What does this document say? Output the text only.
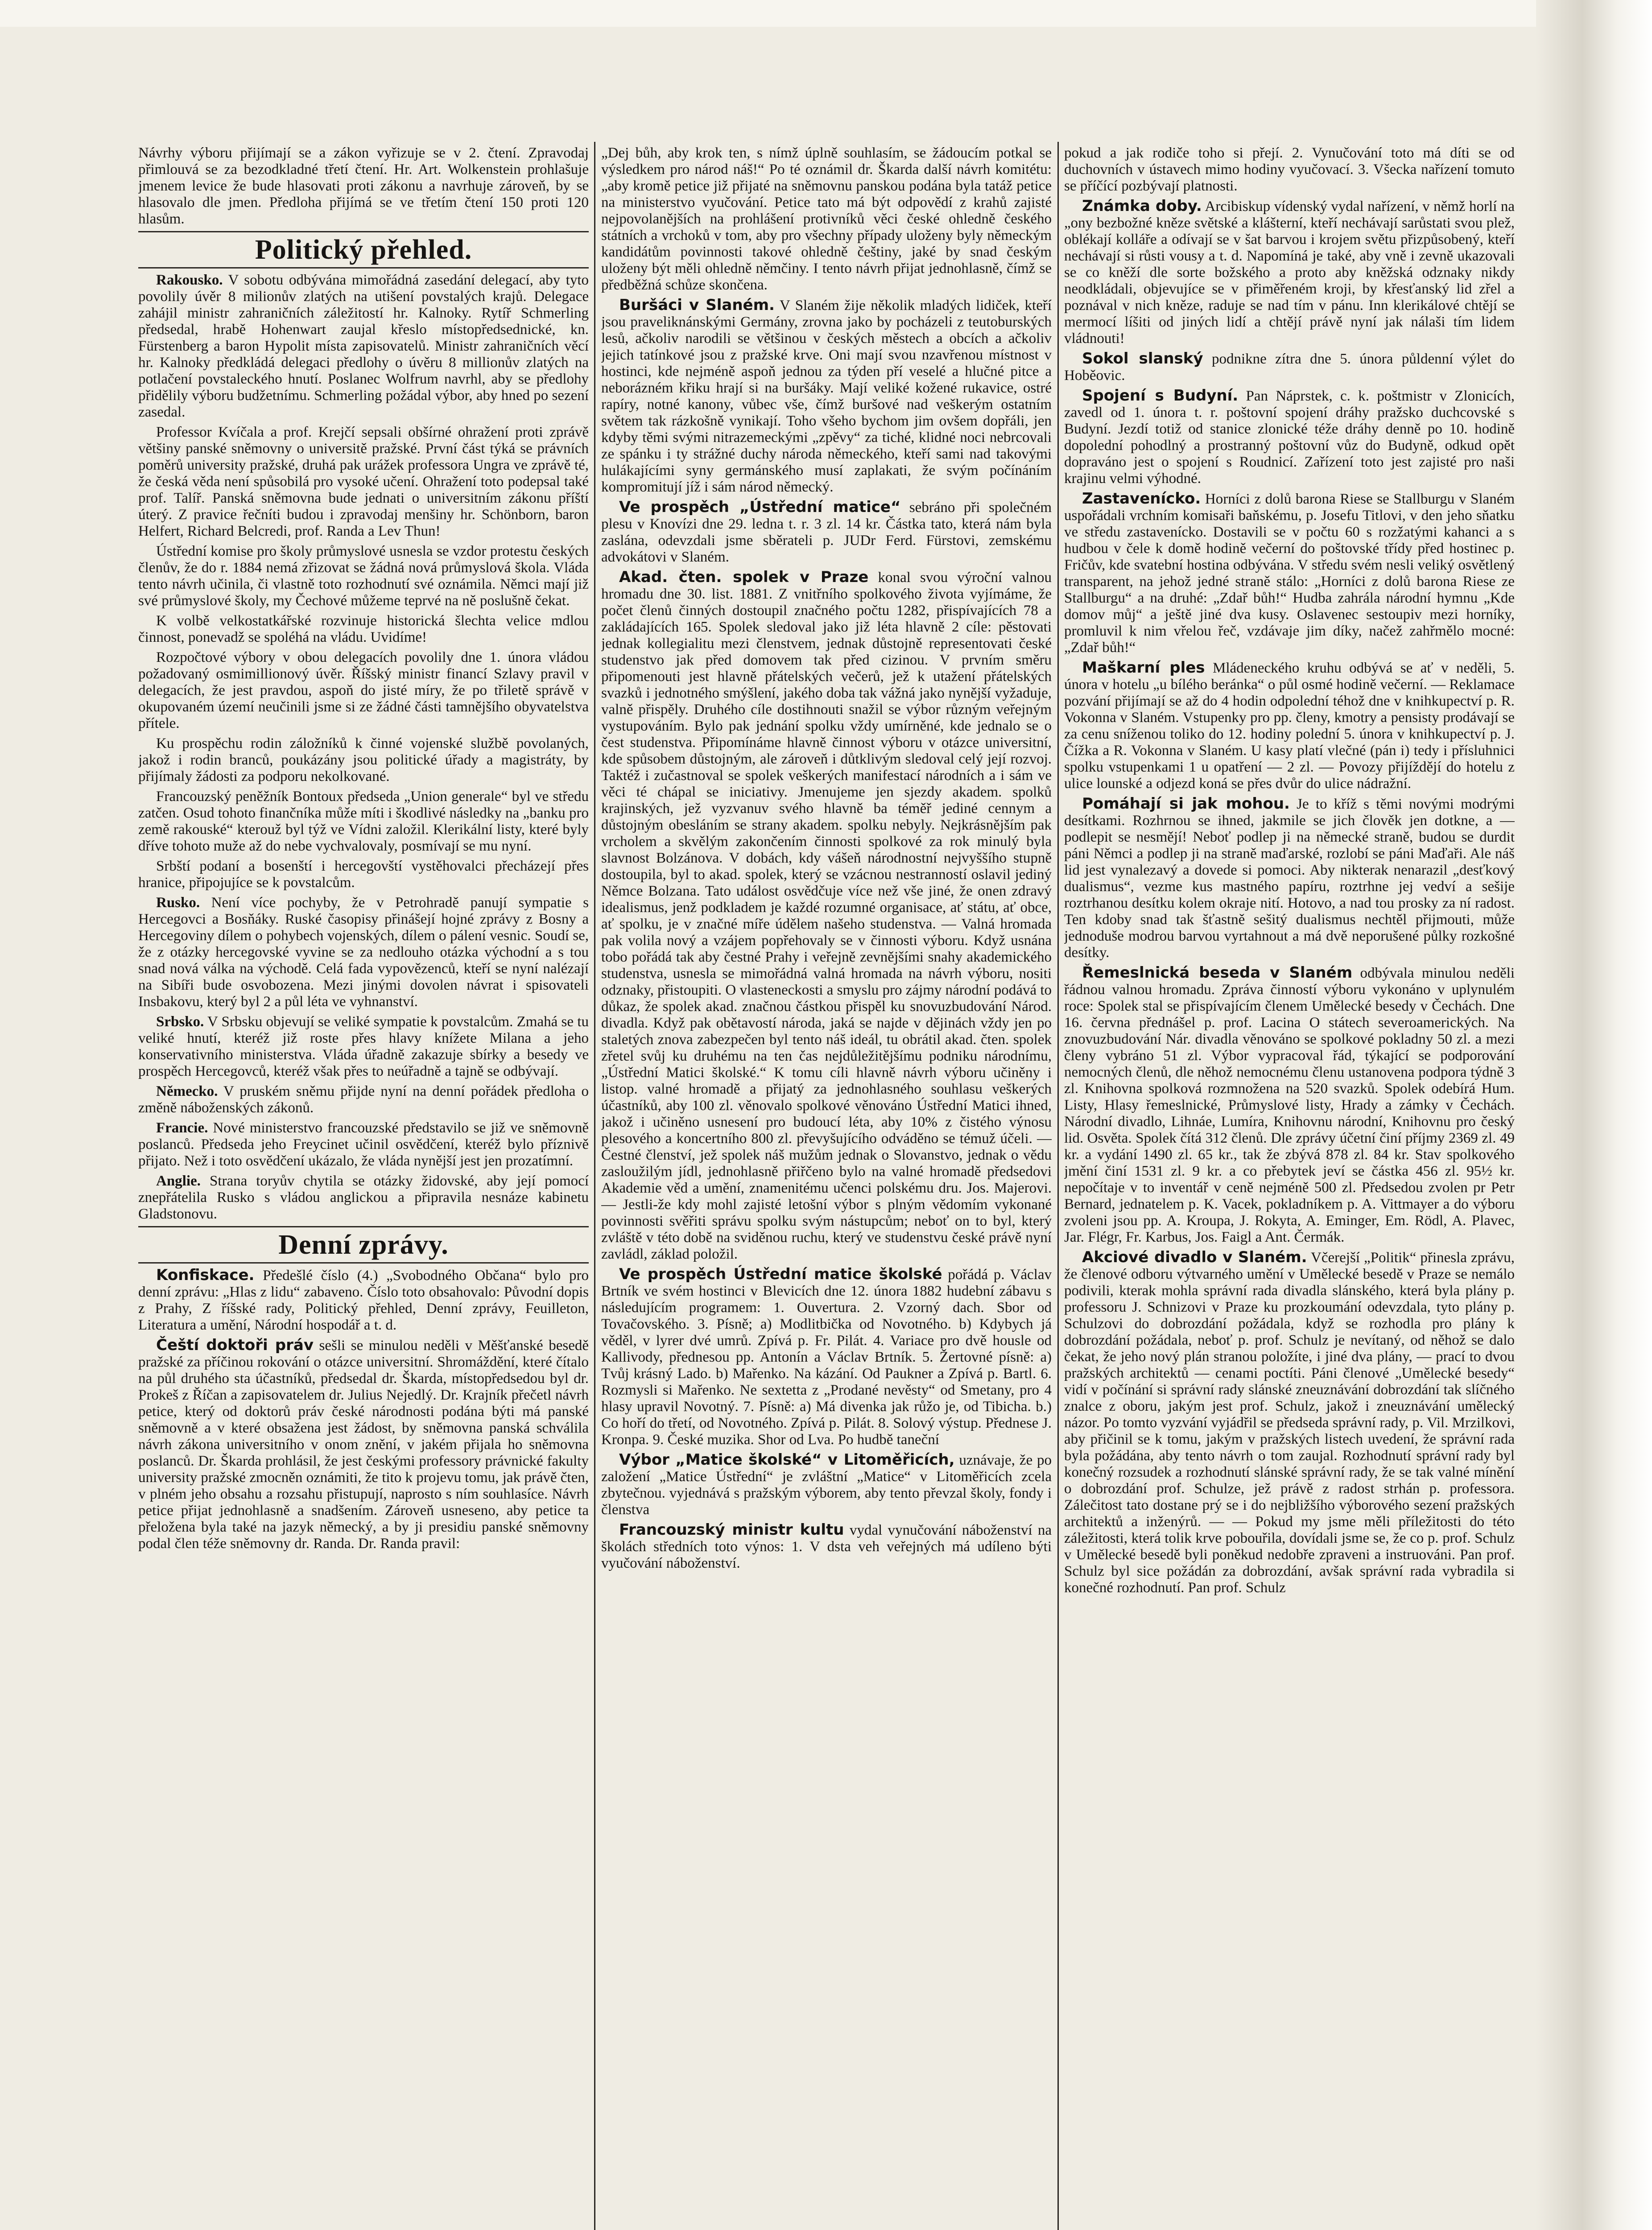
Návrhy výboru přijímají se a zákon vyřizuje se v 2. čtení. Zpravodaj přimlouvá se za bezodkladné třetí čtení. Hr. Art. Wolkenstein prohlašuje jmenem levice že bude hlasovati proti zákonu a navrhuje zároveň, by se hlasovalo dle jmen. Předloha přijímá se ve třetím čtení 150 proti 120 hlasům.

Politický přehled.

Rakousko. V sobotu odbývána mimořádná zasedání delegací, aby tyto povolily úvěr 8 milionův zlatých na utišení povstalých krajů. Delegace zahájil ministr zahraničních záležitostí hr. Kalnoky. Rytíř Schmerling předsedal, hrabě Hohenwart zaujal křeslo místopředsednické, kn. Fürstenberg a baron Hypolit místa zapisovatelů. Ministr zahraničních věcí hr. Kalnoky předkládá delegaci předlohy o úvěru 8 millionův zlatých na potlačení povstaleckého hnutí. Poslanec Wolfrum navrhl, aby se předlohy přidělily výboru budžetnímu. Schmerling požádal výbor, aby hned po sezení zasedal.

Professor Kvíčala a prof. Krejčí sepsali obšírné ohražení proti zprávě většiny panské sněmovny o universitě pražské. První část týká se právních poměrů university pražské, druhá pak urážek professora Ungra ve zprávě té, že česká věda není spůsobilá pro vysoké učení. Ohražení toto podepsal také prof. Talíř. Panská sněmovna bude jednati o universitním zákonu příští úterý. Z pravice řečníti budou i zpravodaj menšiny hr. Schönborn, baron Helfert, Richard Belcredi, prof. Randa a Lev Thun!

Ústřední komise pro školy průmyslové usnesla se vzdor protestu českých členův, že do r. 1884 nemá zřizovat se žádná nová průmyslová škola. Vláda tento návrh učinila, či vlastně toto rozhodnutí své oznámila. Němci mají již své průmyslové školy, my Čechové můžeme teprvé na ně poslušně čekat.

K volbě velkostatkářské rozvinuje historická šlechta velice mdlou činnost, ponevadž se spoléhá na vládu. Uvidíme!

Rozpočtové výbory v obou delegacích povolily dne 1. února vládou požadovaný osmimillionový úvěr. Říšský ministr financí Szlavy pravil v delegacích, že jest pravdou, aspoň do jisté míry, že po třiletě správě v okupovaném území neučinili jsme si ze žádné části tamnějšího obyvatelstva přítele.

Ku prospěchu rodin záložníků k činné vojenské službě povolaných, jakož i rodin branců, poukázány jsou politické úřady a magistráty, by přijímaly žádosti za podporu nekolkované.

Francouzský peněžník Bontoux předseda „Union generale“ byl ve středu zatčen. Osud tohoto finančníka může míti i škodlivé následky na „banku pro země rakouské“ kterouž byl týž ve Vídni založil. Klerikální listy, které byly dříve tohoto muže až do nebe vychvalovaly, posmívají se mu nyní.

Srbští podaní a bosenští i hercegovští vystěhovalci přecházejí přes hranice, připojujíce se k povstalcům.

Rusko. Není více pochyby, že v Petrohradě panují sympatie s Hercegovci a Bosňáky. Ruské časopisy přinášejí hojné zprávy z Bosny a Hercegoviny dílem o pohybech vojenských, dílem o pálení vesnic. Soudí se, že z otázky hercegovské vyvine se za nedlouho otázka východní a s tou snad nová válka na východě. Celá fada vypovězenců, kteří se nyní nalézají na Sibíři bude osvobozena. Mezi jinými dovolen návrat i spisovateli Insbakovu, který byl 2 a půl léta ve vyhnanství.

Srbsko. V Srbsku objevují se veliké sympatie k povstalcům. Zmahá se tu veliké hnutí, kteréž již roste přes hlavy knížete Milana a jeho konservativního ministerstva. Vláda úřadně zakazuje sbírky a besedy ve prospěch Hercegovců, kteréž však přes to neúřadně a tajně se odbývají.

Německo. V pruském sněmu přijde nyní na denní pořádek předloha o změně náboženských zákonů.

Francie. Nové ministerstvo francouzské představilo se již ve sněmovně poslanců. Předseda jeho Freycinet učinil osvědčení, kteréž bylo příznivě přijato. Než i toto osvědčení ukázalo, že vláda nynější jest jen prozatímní.

Anglie. Strana toryův chytila se otázky židovské, aby její pomocí znepřátelila Rusko s vládou anglickou a připravila nesnáze kabinetu Gladstonovu.

Denní zprávy.

Konfiskace. Předešlé číslo (4.) „Svobodného Občana“ bylo pro denní zprávu: „Hlas z lidu“ zabaveno. Číslo toto obsahovalo: Původní dopis z Prahy, Z říšské rady, Politický přehled, Denní zprávy, Feuilleton, Literatura a umění, Národní hospodář a t. d.

Čeští doktoři práv sešli se minulou neděli v Měšťanské besedě pražské za příčinou rokování o otázce universitní. Shromáždění, které čítalo na půl druhého sta účastníků, předsedal dr. Škarda, místopředsedou byl dr. Prokeš z Říčan a zapisovatelem dr. Julius Nejedlý. Dr. Krajník přečetl návrh petice, který od doktorů práv české národnosti podána býti má panské sněmovně a v které obsažena jest žádost, by sněmovna panská schválila návrh zákona universitního v onom znění, v jakém přijala ho sněmovna poslanců. Dr. Škarda prohlásil, že jest českými professory právnické fakulty university pražské zmocněn oznámiti, že tito k projevu tomu, jak právě čten, v plném jeho obsahu a rozsahu přistupují, naprosto s ním souhlasíce. Návrh petice přijat jednohlasně a snadšením. Zároveň usneseno, aby petice ta přeložena byla také na jazyk německý, a by ji presidiu panské sněmovny podal člen téže sněmovny dr. Randa. Dr. Randa pravil:

„Dej bůh, aby krok ten, s nímž úplně souhlasím, se žádoucím potkal se výsledkem pro národ náš!“ Po té oznámil dr. Škarda další návrh komitétu: „aby kromě petice již přijaté na sněmovnu panskou podána byla tatáž petice na ministerstvo vyučování. Petice tato má být odpovědí z krahů zajisté nejpovolanějších na prohlášení protivníků věci české ohledně českého státních a vrchoků v tom, aby pro všechny případy uloženy byly německým kandidátům povinnosti takové ohledně češtiny, jaké by snad českým uloženy být měli ohledně němčiny. I tento návrh přijat jednohlasně, čímž se předběžná schůze skončena.

Buršáci v Slaném. V Slaném žije několik mladých lidiček, kteří jsou praveliknánskými Germány, zrovna jako by pocházeli z teutoburských lesů, ačkoliv narodili se většinou v českých městech a obcích a ačkoliv jejich tatínkové jsou z pražské krve. Oni mají svou nzavřenou místnost v hostinci, kde nejméně aspoň jednou za týden pří veselé a hlučné pitce a neborázném křiku hrají si na buršáky. Mají veliké kožené rukavice, ostré rapíry, notné kanony, vůbec vše, čímž buršové nad veškerým ostatním světem tak rázkošně vynikají. Toho všeho bychom jim ovšem dopřáli, jen kdyby těmi svými nitrazemeckými „zpěvy“ za tiché, klidné noci nebrcovali ze spánku i ty strážné duchy národa německého, kteří sami nad takovými hulákajícími syny germánského musí zaplakati, že svým počínáním kompromitují jíž i sám národ německý.

Ve prospěch „Ústřední matice“ sebráno při společném plesu v Knovízi dne 29. ledna t. r. 3 zl. 14 kr. Částka tato, která nám byla zaslána, odevzdali jsme sběrateli p. JUDr Ferd. Fürstovi, zemskému advokátovi v Slaném.

Akad. čten. spolek v Praze konal svou výroční valnou hromadu dne 30. list. 1881. Z vnitřního spolkového života vyjímáme, že počet členů činných dostoupil značného počtu 1282, přispívajících 78 a zakládajících 165. Spolek sledoval jako již léta hlavně 2 cíle: pěstovati jednak kollegialitu mezi členstvem, jednak důstojně representovati české studenstvo jak před domovem tak před cizinou. V prvním směru připomenouti jest hlavně přátelských večerů, jež k utažení přátelských svazků i jednotného smýšlení, jakého doba tak vážná jako nynější vyžaduje, valně přispěly. Druhého cíle dostihnouti snažil se výbor různým veřejným vystupováním. Bylo pak jednání spolku vždy umírněné, kde jednalo se o čest studenstva. Připomínáme hlavně činnost výboru v otázce universitní, kde spůsobem důstojným, ale zároveň i důtklivým sledoval celý její rozvoj. Taktéž i zučastnoval se spolek veškerých manifestací národních a i sám ve věci té chápal se iniciativy. Jmenujeme jen sjezdy akadem. spolků krajinských, jež vyzvanuv svého hlavně ba téměř jediné cennym a důstojným obesláním se strany akadem. spolku nebyly. Nejkrásnějším pak vrcholem a skvělým zakončením činnosti spolkové za rok minulý byla slavnost Bolzánova. V dobách, kdy vášeň národnostní nejvyššího stupně dostoupila, byl to akad. spolek, který se vzácnou nestranností oslavil jediný Němce Bolzana. Tato událost osvědčuje více než vše jiné, že onen zdravý idealismus, jenž podkladem je každé rozumné organisace, ať státu, ať obce, ať spolku, je v značné míře údělem našeho studenstva. — Valná hromada pak volila nový a vzájem popřehovaly se v činnosti výboru. Když usnána tobo pořádá tak aby čestné Prahy i veřejně zevnějšími snahy akademického studenstva, usnesla se mimořádná valná hromada na návrh výboru, nositi odznaky, přistoupiti. O vlasteneckosti a smyslu pro zájmy národní podává to důkaz, že spolek akad. značnou částkou přispěl ku snovuzbudování Národ. divadla. Když pak obětavostí národa, jaká se najde v dějinách vždy jen po staletých znova zabezpečen byl tento náš ideál, tu obrátil akad. čten. spolek zřetel svůj ku druhému na ten čas nejdůležitějšímu podniku národnímu, „Ústřední Matici školské.“ K tomu cíli hlavně návrh výboru učiněny i listop. valné hromadě a přijatý za jednohlasného souhlasu veškerých účastníků, aby 100 zl. věnovalo spolkové věnováno Ústřední Matici ihned, jakož i učiněno usnesení pro budoucí léta, aby 10% z čistého výnosu plesového a koncertního 800 zl. převyšujícího odváděno se témuž účeli. — Čestné členství, jež spolek náš mužům jednak o Slovanstvo, jednak o vědu zasloužilým jídl, jednohlasně přiřčeno bylo na valné hromadě předsedovi Akademie věd a umění, znamenitému učenci polskému dru. Jos. Majerovi. — Jestli-že kdy mohl zajisté letošní výbor s plným vědomím vykonané povinnosti svěřiti správu spolku svým nástupcům; neboť on to byl, který zvláště v této době na sviděnou ruchu, který ve studenstvu české právě nyní zavládl, základ položil.

Ve prospěch Ústřední matice školské pořádá p. Václav Brtník ve svém hostinci v Blevicích dne 12. února 1882 hudební zábavu s následujícím programem: 1. Ouvertura. 2. Vzorný dach. Sbor od Tovačovského. 3. Písně; a) Modlitbička od Novotného. b) Kdybych já věděl, v lyrer dvé umrů. Zpívá p. Fr. Pilát. 4. Variace pro dvě housle od Kallivody, přednesou pp. Antonín a Václav Brtník. 5. Žertovné písně: a) Tvůj krásný Lado. b) Mařenko. Na kázání. Od Paukner a Zpívá p. Bartl. 6. Rozmysli si Mařenko. Ne sextetta z „Prodané nevěsty“ od Smetany, pro 4 hlasy upravil Novotný. 7. Písně: a) Má divenka jak růžo je, od Tibicha. b.) Co hoří do třetí, od Novotného. Zpívá p. Pilát. 8. Solový výstup. Přednese J. Kronpa. 9. České muzika. Shor od Lva. Po hudbě taneční

Výbor „Matice školské“ v Litoměřicích, uznávaje, že po založení „Matice Ústřední“ je zvláštní „Matice“ v Litoměřicích zcela zbytečnou. vyjednává s pražským výborem, aby tento převzal školy, fondy i členstva

Francouzský ministr kultu vydal vynučování náboženství na školách středních toto výnos: 1. V dsta veh veřejných má udíleno býti vyučování náboženství.

pokud a jak rodiče toho si přejí. 2. Vynučování toto má díti se od duchovních v ústavech mimo hodiny vyučovací. 3. Všecka nařízení tomuto se příčící pozbývají platnosti.

Známka doby. Arcibiskup vídenský vydal nařízení, v němž horlí na „ony bezbožné kněze světské a klášterní, kteří nechávají sarůstati svou plež, oblékají kolláře a odívají se v šat barvou i krojem světu přizpůsobený, kteří nechávají si růsti vousy a t. d. Napomíná je také, aby vně i zevně ukazovali se co kněží dle sorte božského a proto aby kněžská odznaky nikdy neodkládali, objevujíce se v přiměřeném kroji, by křesťanský lid zřel a poznával v nich kněze, raduje se nad tím v pánu. Inn klerikálové chtějí se mermocí líšiti od jiných lidí a chtějí právě nyní jak nálaši tím lidem vládnouti!

Sokol slanský podnikne zítra dne 5. února půldenní výlet do Hoběovic.

Spojení s Budyní. Pan Náprstek, c. k. poštmistr v Zlonicích, zavedl od 1. února t. r. poštovní spojení dráhy pražsko duchcovské s Budyní. Jezdí totiž od stanice zlonické téže dráhy denně po 10. hodině dopolední pohodlný a prostranný poštovní vůz do Budyně, odkud opět dopraváno jest o spojení s Roudnicí. Zařízení toto jest zajisté pro naši krajinu velmi výhodné.

Zastavenícko. Horníci z dolů barona Riese se Stallburgu v Slaném uspořádali vrchním komisaři baňskému, p. Josefu Titlovi, v den jeho sňatku ve středu zastavenícko. Dostavili se v počtu 60 s rozžatými kahanci a s hudbou v čele k domě hodině večerní do poštovské třídy před hostinec p. Fričův, kde svatební hostina odbývána. V středu svém nesli veliký osvětlený transparent, na jehož jedné straně stálo: „Horníci z dolů barona Riese ze Stallburgu“ a na druhé: „Zdař bůh!“ Hudba zahrála národní hymnu „Kde domov můj“ a ještě jiné dva kusy. Oslavenec sestoupiv mezi horníky, promluvil k nim vřelou řeč, vzdávaje jim díky, načež zahřmělo mocné: „Zdař bůh!“

Maškarní ples Mládeneckého kruhu odbývá se ať v neděli, 5. února v hotelu „u bílého beránka“ o půl osmé hodině večerní. — Reklamace pozvání přijímají se až do 4 hodin odpolední téhož dne v knihkupectví p. R. Vokonna v Slaném. Vstupenky pro pp. členy, kmotry a pensisty prodávají se za cenu sníženou toliko do 12. hodiny polední 5. února v knihkupectví p. J. Čížka a R. Vokonna v Slaném. U kasy platí vlečné (pán i) tedy i přísluhnici spolku vstupenkami 1 u opatření — 2 zl. — Povozy přijíždějí do hotelu z ulice lounské a odjezd koná se přes dvůr do ulice nádražní.

Pomáhají si jak mohou. Je to kříž s těmi novými modrými desítkami. Rozhrnou se ihned, jakmile se jich člověk jen dotkne, a — podlepit se nesmějí! Neboť podlep ji na německé straně, budou se durdit páni Němci a podlep ji na straně maďarské, rozlobí se páni Maďaři. Ale náš lid jest vynalezavý a dovede si pomoci. Aby nikterak nenarazil „desťkový dualismus“, vezme kus mastného papíru, roztrhne jej vedví a sešije roztrhanou desítku kolem okraje nití. Hotovo, a nad tou prosky za ní radost. Ten kdoby snad tak šťastně sešitý dualismus nechtěl přijmouti, může jednoduše modrou barvou vyrtahnout a má dvě neporušené půlky rozkošné desítky.

Řemeslnická beseda v Slaném odbývala minulou neděli řádnou valnou hromadu. Zpráva činností výboru vykonáno v uplynulém roce: Spolek stal se přispívajícím členem Umělecké besedy v Čechách. Dne 16. června přednášel p. prof. Lacina O státech severoamerických. Na znovuzbudování Nár. divadla věnováno se spolkové pokladny 50 zl. a mezi členy vybráno 51 zl. Výbor vypracoval řád, týkající se podporování nemocných členů, dle něhož nemocnému členu ustanovena podpora týdně 3 zl. Knihovna spolková rozmnožena na 520 svazků. Spolek odebírá Hum. Listy, Hlasy řemeslnické, Průmyslové listy, Hrady a zámky v Čechách. Národní divadlo, Lihnáe, Lumíra, Knihovnu národní, Knihovnu pro český lid. Osvěta. Spolek čítá 312 členů. Dle zprávy účetní činí příjmy 2369 zl. 49 kr. a vydání 1490 zl. 65 kr., tak že zbývá 878 zl. 84 kr. Stav spolkového jmění činí 1531 zl. 9 kr. a co přebytek jeví se částka 456 zl. 95½ kr. nepočítaje v to inventář v ceně nejméně 500 zl. Předsedou zvolen pr Petr Bernard, jednatelem p. K. Vacek, pokladníkem p. A. Vittmayer a do výboru zvoleni jsou pp. A. Kroupa, J. Rokyta, A. Eminger, Em. Rödl, A. Plavec, Jar. Flégr, Fr. Karbus, Jos. Faigl a Ant. Čermák.

Akciové divadlo v Slaném. Včerejší „Politik“ přinesla zprávu, že členové odboru výtvarného umění v Umělecké besedě v Praze se nemálo podivili, kterak mohla správní rada divadla slánského, která byla plány p. professoru J. Schnizovi v Praze ku prozkoumání odevzdala, tyto plány p. Schulzovi do dobrozdání požádala, když se rozhodla pro plány k dobrozdání požádala, neboť p. prof. Schulz je nevítaný, od něhož se dalo čekat, že jeho nový plán stranou položíte, i jiné dva plány, — prací to dvou pražských architektů — cenami poctíti. Páni členové „Umělecké besedy“ vidí v počínání si správní rady slánské zneuznávání dobrozdání tak slíčného znalce z oboru, jakým jest prof. Schulz, jakož i zneuznávání umělecký názor. Po tomto vyzvání vyjádřil se předseda správní rady, p. Vil. Mrzilkovi, aby přičinil se k tomu, jakým v pražských listech uvedení, že správní rada byla požádána, aby tento návrh o tom zaujal. Rozhodnutí správní rady byl konečný rozsudek a rozhodnutí slánské správní rady, že se tak valné mínění o dobrozdání prof. Schulze, jež právě z radost strhán p. professora. Zálečitost tato dostane prý se i do nejbližšího výborového sezení pražských architektů a inženýrů. — — Pokud my jsme měli příležitosti do této záležitosti, která tolik krve pobouřila, dovídali jsme se, že co p. prof. Schulz v Umělecké besedě byli poněkud nedobře zpraveni a instruováni. Pan prof. Schulz byl sice požádán za dobrozdání, avšak správní rada vybradila si konečné rozhodnutí. Pan prof. Schulz
